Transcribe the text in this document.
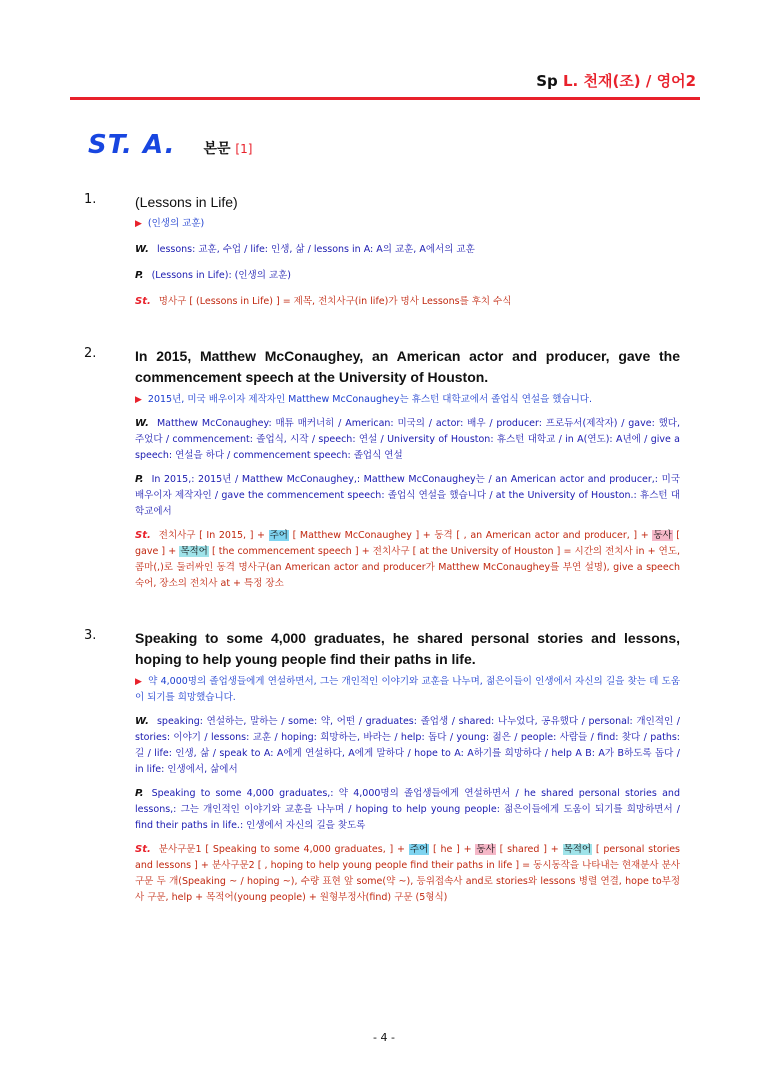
Sp L. 천재(조) / 영어2
ST. A. 본문 [1]
1.	(Lessons in Life)
▶ (인생의 교훈)
W. lessons: 교훈, 수업 / life: 인생, 삶 / lessons in A: A의 교훈, A에서의 교훈
P. (Lessons in Life): (인생의 교훈)
St. 명사구 [ (Lessons in Life) ] = 제목, 전치사구(in life)가 명사 Lessons를 후치 수식
2.	In 2015, Matthew McConaughey, an American actor and producer, gave the commencement speech at the University of Houston.
▶ 2015년, 미국 배우이자 제작자인 Matthew McConaughey는 휴스턴 대학교에서 졸업식 연설을 했습니다.
W. Matthew McConaughey: 매튜 매커너히 / American: 미국의 / actor: 배우 / producer: 프로듀서(제작자) / gave: 했다, 주었다 / commencement: 졸업식, 시작 / speech: 연설 / University of Houston: 휴스턴 대학교 / in A(연도): A년에 / give a speech: 연설을 하다 / commencement speech: 졸업식 연설
P. In 2015,: 2015년 / Matthew McConaughey,: Matthew McConaughey는 / an American actor and producer,: 미국 배우이자 제작자인 / gave the commencement speech: 졸업식 연설을 했습니다 / at the University of Houston.: 휴스턴 대학교에서
St. 전치사구 [ In 2015, ] + 주어 [ Matthew McConaughey ] + 동격 [ , an American actor and producer, ] + 동사 [ gave ] + 목적어 [ the commencement speech ] + 전치사구 [ at the University of Houston ] = 시간의 전치사 in + 연도, 콤마(,)로 둘러싸인 동격 명사구(an American actor and producer가 Matthew McConaughey를 부연 설명), give a speech 숙어, 장소의 전치사 at + 특정 장소
3.	Speaking to some 4,000 graduates, he shared personal stories and lessons, hoping to help young people find their paths in life.
▶ 약 4,000명의 졸업생들에게 연설하면서, 그는 개인적인 이야기와 교훈을 나누며, 젊은이들이 인생에서 자신의 길을 찾는 데 도움이 되기를 희망했습니다.
W. speaking: 연설하는, 말하는 / some: 약, 어떤 / graduates: 졸업생 / shared: 나누었다, 공유했다 / personal: 개인적인 / stories: 이야기 / lessons: 교훈 / hoping: 희망하는, 바라는 / help: 돕다 / young: 젊은 / people: 사람들 / find: 찾다 / paths: 길 / life: 인생, 삶 / speak to A: A에게 연설하다, A에게 말하다 / hope to A: A하기를 희망하다 / help A B: A가 B하도록 돕다 / in life: 인생에서, 삶에서
P. Speaking to some 4,000 graduates,: 약 4,000명의 졸업생들에게 연설하면서 / he shared personal stories and lessons,: 그는 개인적인 이야기와 교훈을 나누며 / hoping to help young people: 젊은이들에게 도움이 되기를 희망하면서 / find their paths in life.: 인생에서 자신의 길을 찾도록
St. 분사구문1 [ Speaking to some 4,000 graduates, ] + 주어 [ he ] + 동사 [ shared ] + 목적어 [ personal stories and lessons ] + 분사구문2 [ , hoping to help young people find their paths in life ] = 동시동작을 나타내는 현재분사 분사구문 두 개(Speaking ~ / hoping ~), 수량 표현 앞 some(약 ~), 등위접속사 and로 stories와 lessons 병렬 연결, hope to부정사 구문, help + 목적어(young people) + 원형부정사(find) 구문 (5형식)
- 4 -
